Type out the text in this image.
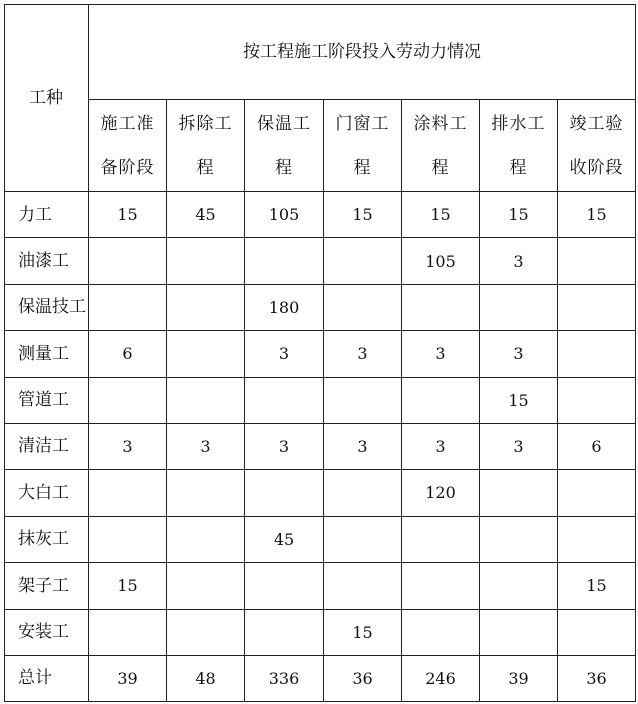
工种	按工程施工阶段投入劳动力情况						

	施工准备阶段	拆除工程	保温工程	门窗工程	涂料工程	排水工程	竣工验收阶段

力工	15	45	105	15	15	15	15
油漆工					105	3	
保温技工			180				
测量工	6		3	3	3	3	
管道工						15	
清洁工	3	3	3	3	3	3	6
大白工					120		
抹灰工			45				
架子工	15						15
安装工				15			
总计	39	48	336	36	246	39	36
